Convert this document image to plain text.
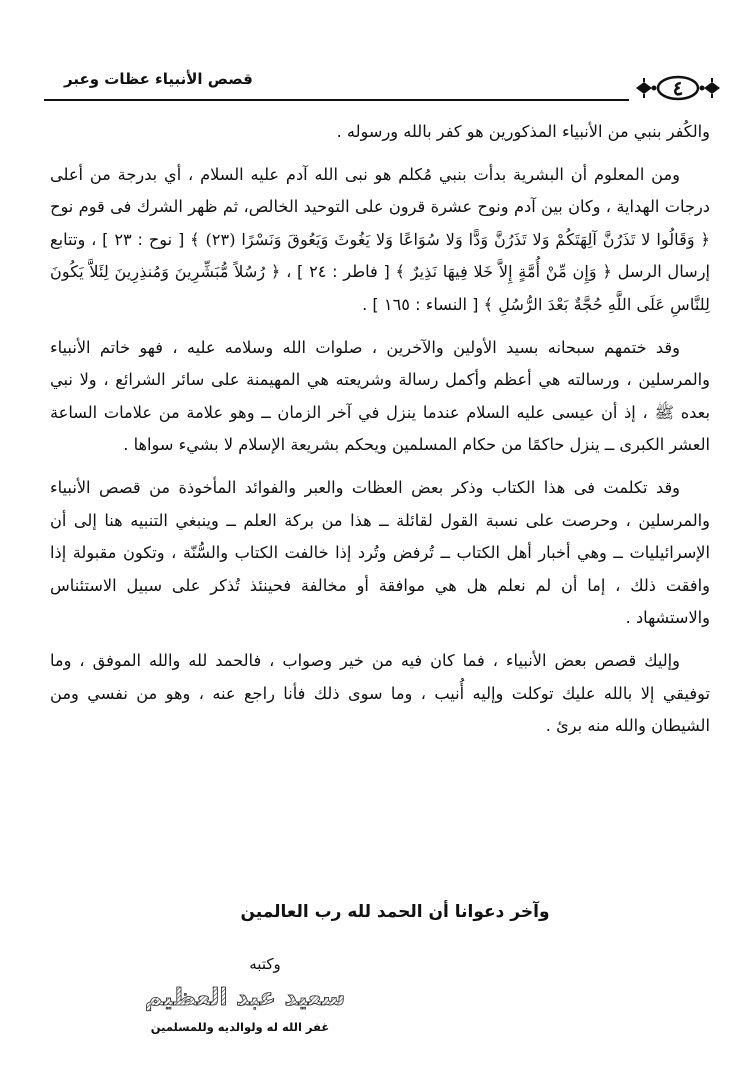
قصص الأنبياء عظات وعبر	٤

والكُفر بنبي من الأنبياء المذكورين هو كفر بالله ورسوله .

ومن المعلوم أن البشرية بدأت بنبي مُكلم هو نبى الله آدم عليه السلام ، أي بدرجة من أعلى درجات الهداية ، وكان بين آدم ونوح عشرة قرون على التوحيد الخالص، ثم ظهر الشرك فى قوم نوح ﴿ وَقَالُوا لا تَذَرُنَّ آلِهَتَكُمْ وَلا تَذَرُنَّ وَدًّا وَلا سُوَاعًا وَلا يَغُوثَ وَيَعُوقَ وَنَسْرًا (٢٣) ﴾ [ نوح : ٢٣ ] ، وتتابع إرسال الرسل ﴿ وَإِن مِّنْ أُمَّةٍ إِلاَّ خَلا فِيهَا نَذِيرٌ ﴾ [ فاطر : ٢٤ ] ، ﴿ رُسُلاً مُّبَشِّرِينَ وَمُنذِرِينَ لِئَلاَّ يَكُونَ لِلنَّاسِ عَلَى اللَّهِ حُجَّةٌ بَعْدَ الرُّسُلِ ﴾ [ النساء : ١٦٥ ] .

وقد ختمهم سبحانه بسيد الأولين والآخرين ، صلوات الله وسلامه عليه ، فهو خاتم الأنبياء والمرسلين ، ورسالته هي أعظم وأكمل رسالة وشريعته هي المهيمنة على سائر الشرائع ، ولا نبي بعده ﷺ ، إذ أن عيسى عليه السلام عندما ينزل في آخر الزمان ــ وهو علامة من علامات الساعة العشر الكبرى ــ ينزل حاكمًا من حكام المسلمين ويحكم بشريعة الإسلام لا بشيء سواها .

وقد تكلمت فى هذا الكتاب وذكر بعض العظات والعبر والفوائد المأخوذة من قصص الأنبياء والمرسلين ، وحرصت على نسبة القول لقائلة ــ هذا من بركة العلم ــ وينبغي التنبيه هنا إلى أن الإسرائيليات ــ وهي أخبار أهل الكتاب ــ تُرفض وتُرد إذا خالفت الكتاب والسُّنّة ، وتكون مقبولة إذا وافقت ذلك ، إما أن لم نعلم هل هي موافقة أو مخالفة فحينئذ تُذكر على سبيل الاستئناس والاستشهاد .

وإليك قصص بعض الأنبياء ، فما كان فيه من خير وصواب ، فالحمد لله والله الموفق ، وما توفيقي إلا بالله عليك توكلت وإليه أُنيب ، وما سوى ذلك فأنا راجع عنه ، وهو من نفسي ومن الشيطان والله منه برئ .

وآخر دعوانا أن الحمد لله رب العالمين
وكتبه
سعيد عبد العظيم
غفر الله له ولوالديه وللمسلمين
